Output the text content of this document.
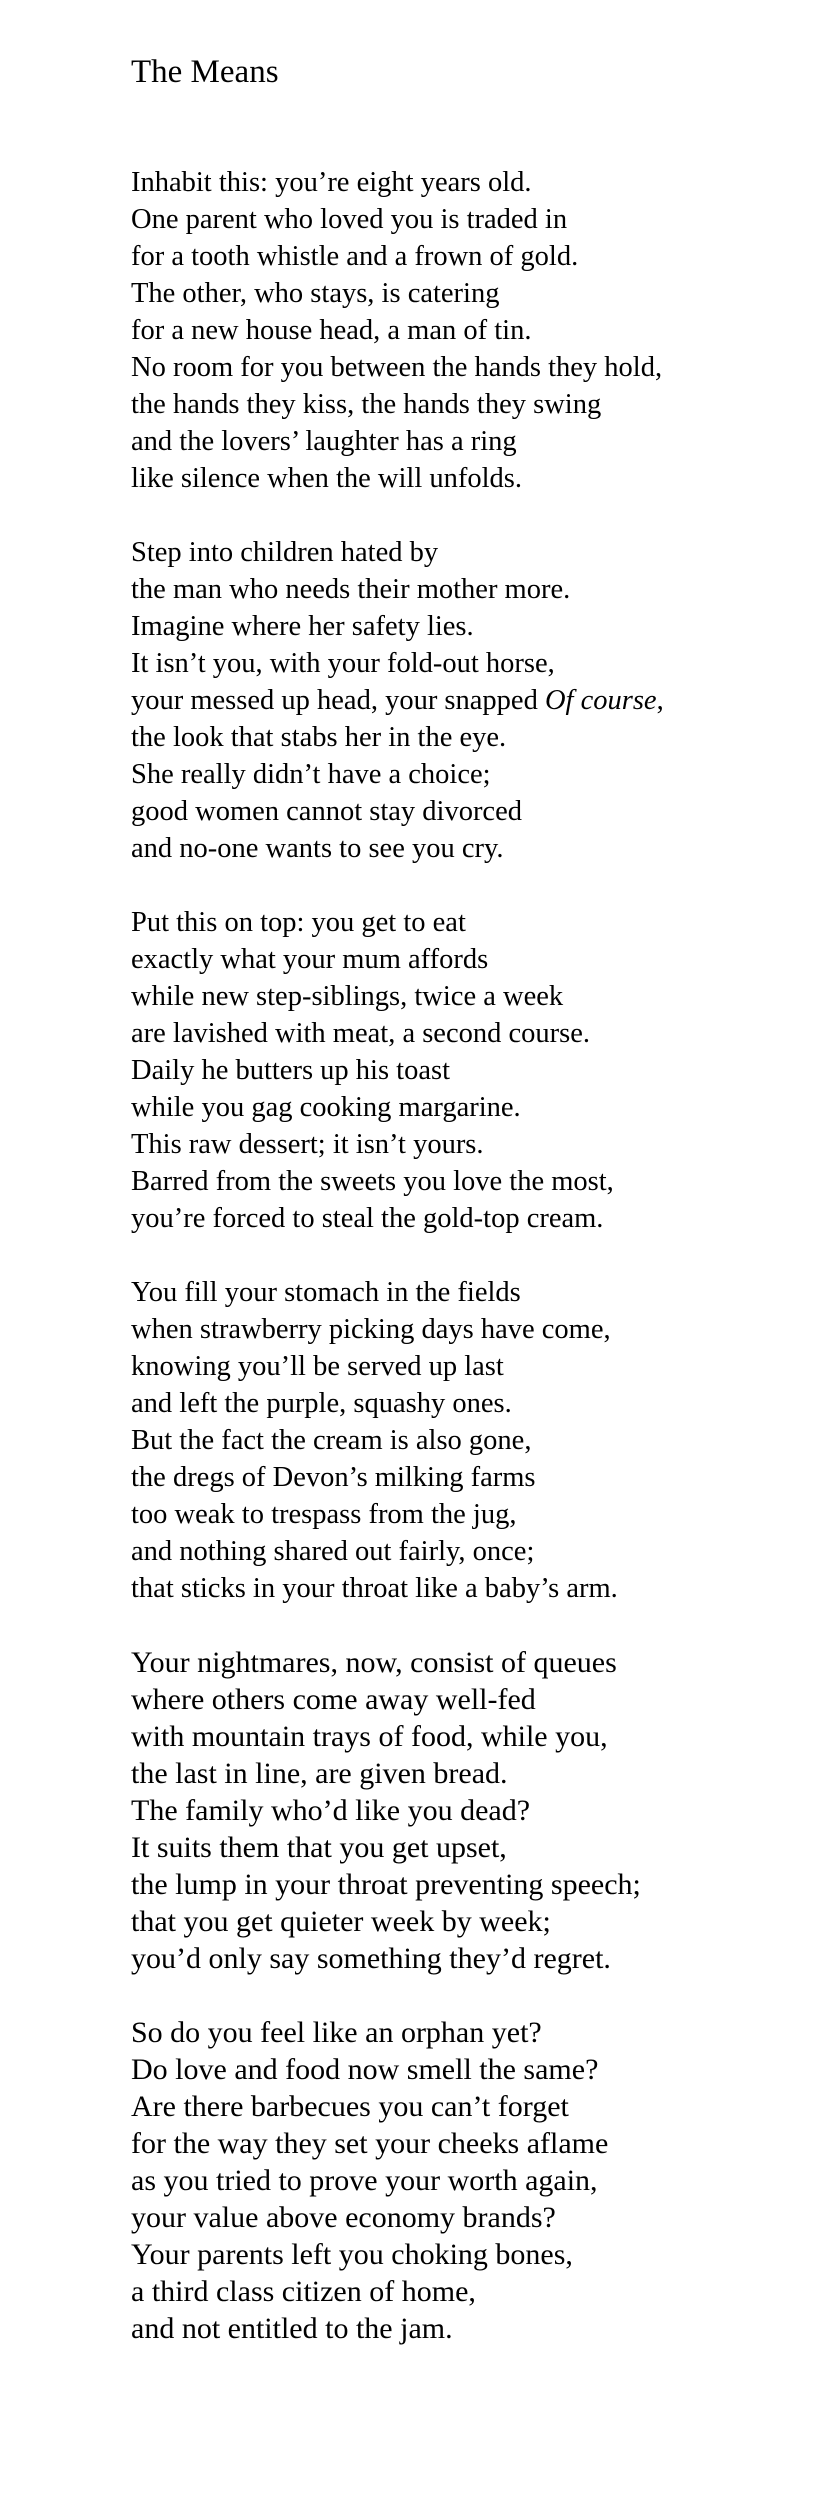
The Means
Inhabit this: you’re eight years old.
One parent who loved you is traded in
for a tooth whistle and a frown of gold.
The other, who stays, is catering
for a new house head, a man of tin.
No room for you between the hands they hold,
the hands they kiss, the hands they swing
and the lovers’ laughter has a ring
like silence when the will unfolds.
Step into children hated by
the man who needs their mother more.
Imagine where her safety lies.
It isn’t you, with your fold-out horse,
your messed up head, your snapped Of course,
the look that stabs her in the eye.
She really didn’t have a choice;
good women cannot stay divorced
and no-one wants to see you cry.
Put this on top: you get to eat
exactly what your mum affords
while new step-siblings, twice a week
are lavished with meat, a second course.
Daily he butters up his toast
while you gag cooking margarine.
This raw dessert; it isn’t yours.
Barred from the sweets you love the most,
you’re forced to steal the gold-top cream.
You fill your stomach in the fields
when strawberry picking days have come,
knowing you’ll be served up last
and left the purple, squashy ones.
But the fact the cream is also gone,
the dregs of Devon’s milking farms
too weak to trespass from the jug,
and nothing shared out fairly, once;
that sticks in your throat like a baby’s arm.
Your nightmares, now, consist of queues
where others come away well-fed
with mountain trays of food, while you,
the last in line, are given bread.
The family who’d like you dead?
It suits them that you get upset,
the lump in your throat preventing speech;
that you get quieter week by week;
you’d only say something they’d regret.
So do you feel like an orphan yet?
Do love and food now smell the same?
Are there barbecues you can’t forget
for the way they set your cheeks aflame
as you tried to prove your worth again,
your value above economy brands?
Your parents left you choking bones,
a third class citizen of home,
and not entitled to the jam.
